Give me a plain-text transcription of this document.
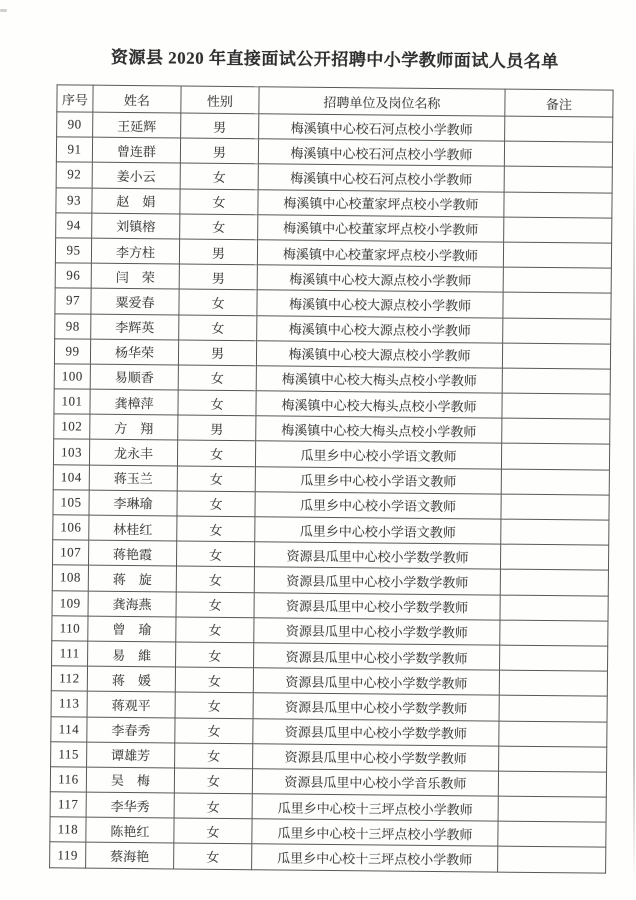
资源县 2020 年直接面试公开招聘中小学教师面试人员名单
序号	姓名	性别	招聘单位及岗位名称	备注
90	王延辉	男	梅溪镇中心校石河点校小学教师	
91	曾连群	男	梅溪镇中心校石河点校小学教师	
92	姜小云	女	梅溪镇中心校石河点校小学教师	
93	赵　娟	女	梅溪镇中心校董家坪点校小学教师	
94	刘镇榕	女	梅溪镇中心校董家坪点校小学教师	
95	李方柱	男	梅溪镇中心校董家坪点校小学教师	
96	闫　荣	男	梅溪镇中心校大源点校小学教师	
97	粟爱春	女	梅溪镇中心校大源点校小学教师	
98	李辉英	女	梅溪镇中心校大源点校小学教师	
99	杨华荣	男	梅溪镇中心校大源点校小学教师	
100	易顺香	女	梅溪镇中心校大梅头点校小学教师	
101	龚樟萍	女	梅溪镇中心校大梅头点校小学教师	
102	方　翔	男	梅溪镇中心校大梅头点校小学教师	
103	龙永丰	女	瓜里乡中心校小学语文教师	
104	蒋玉兰	女	瓜里乡中心校小学语文教师	
105	李琳瑜	女	瓜里乡中心校小学语文教师	
106	林桂红	女	瓜里乡中心校小学语文教师	
107	蒋艳霞	女	资源县瓜里中心校小学数学教师	
108	蒋　旋	女	资源县瓜里中心校小学数学教师	
109	龚海燕	女	资源县瓜里中心校小学数学教师	
110	曾　瑜	女	资源县瓜里中心校小学数学教师	
111	易　維	女	资源县瓜里中心校小学数学教师	
112	蒋　媛	女	资源县瓜里中心校小学数学教师	
113	蒋观平	女	资源县瓜里中心校小学数学教师	
114	李春秀	女	资源县瓜里中心校小学数学教师	
115	谭雄芳	女	资源县瓜里中心校小学数学教师	
116	吴　梅	女	资源县瓜里中心校小学音乐教师	
117	李华秀	女	瓜里乡中心校十三坪点校小学教师	
118	陈艳红	女	瓜里乡中心校十三坪点校小学教师	
119	蔡海艳	女	瓜里乡中心校十三坪点校小学教师	
